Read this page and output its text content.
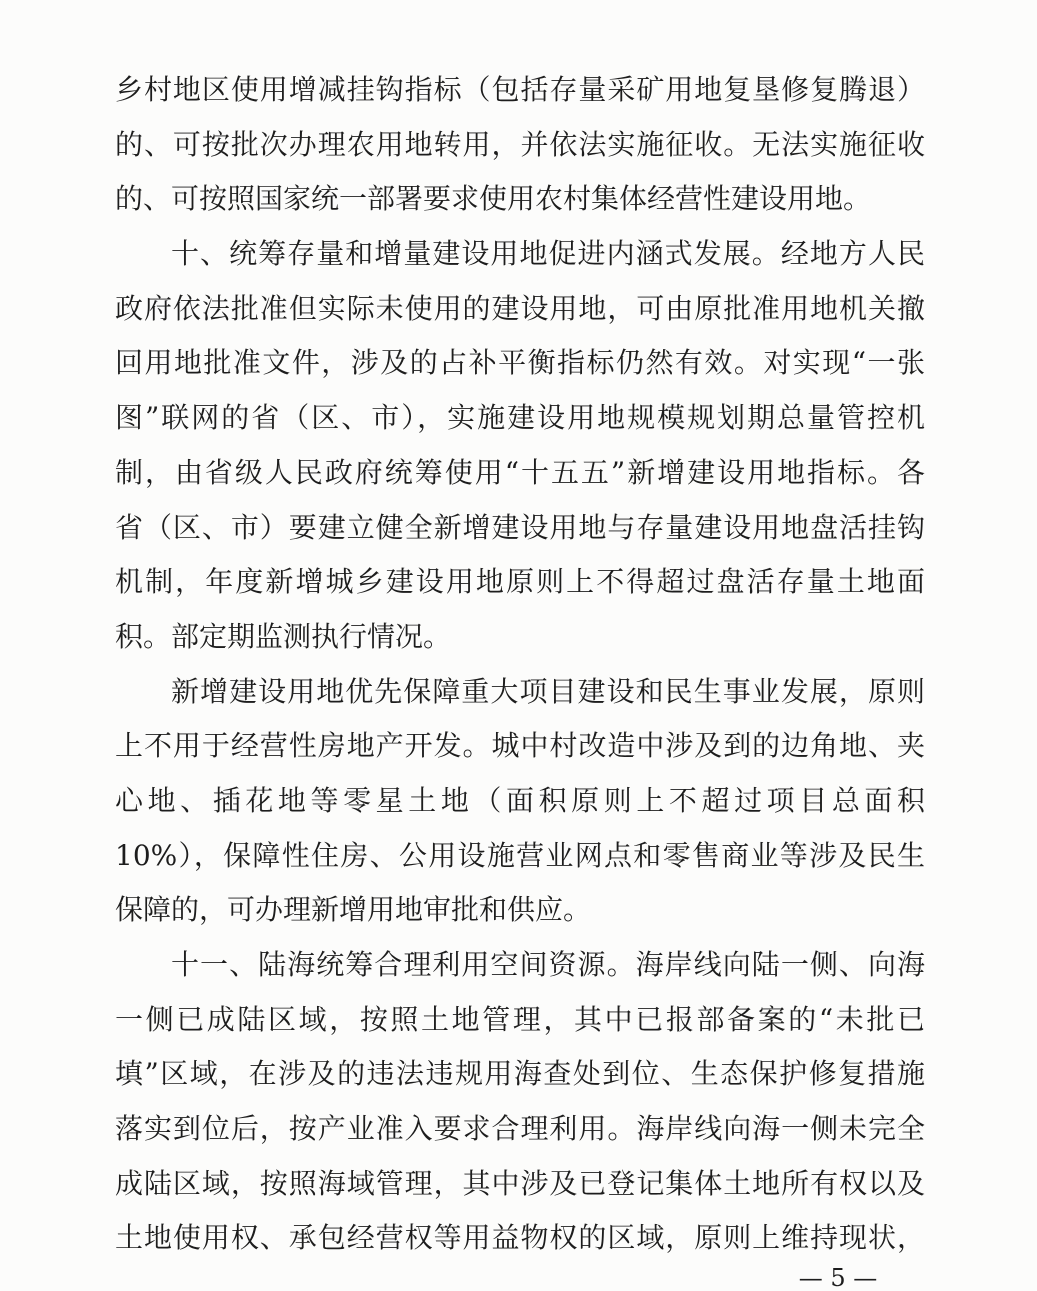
乡村地区使用增减挂钩指标（包括存量采矿用地复垦修复腾退）
的、可按批次办理农用地转用，并依法实施征收。无法实施征收
的、可按照国家统一部署要求使用农村集体经营性建设用地。
十、统筹存量和增量建设用地促进内涵式发展。经地方人民
政府依法批准但实际未使用的建设用地，可由原批准用地机关撤
回用地批准文件，涉及的占补平衡指标仍然有效。对实现“一张
图”联网的省（区、市），实施建设用地规模规划期总量管控机
制，由省级人民政府统筹使用“十五五”新增建设用地指标。各
省（区、市）要建立健全新增建设用地与存量建设用地盘活挂钩
机制，年度新增城乡建设用地原则上不得超过盘活存量土地面
积。部定期监测执行情况。
新增建设用地优先保障重大项目建设和民生事业发展，原则
上不用于经营性房地产开发。城中村改造中涉及到的边角地、夹
心地、插花地等零星土地（面积原则上不超过项目总面积
10%），保障性住房、公用设施营业网点和零售商业等涉及民生
保障的，可办理新增用地审批和供应。
十一、陆海统筹合理利用空间资源。海岸线向陆一侧、向海
一侧已成陆区域，按照土地管理，其中已报部备案的“未批已
填”区域，在涉及的违法违规用海查处到位、生态保护修复措施
落实到位后，按产业准入要求合理利用。海岸线向海一侧未完全
成陆区域，按照海域管理，其中涉及已登记集体土地所有权以及
土地使用权、承包经营权等用益物权的区域，原则上维持现状，
— 5 —
